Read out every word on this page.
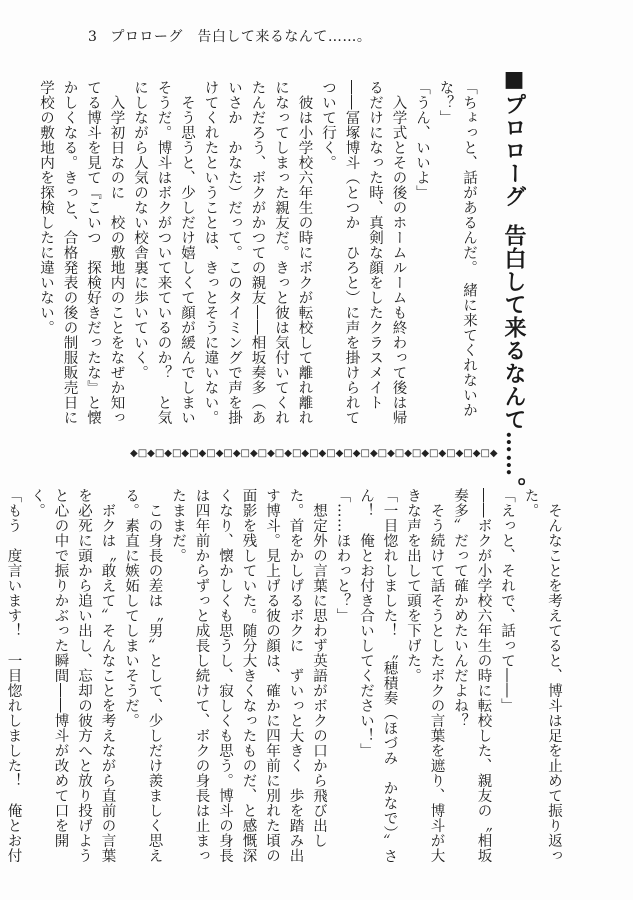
3 プロローグ　告白して来るなんて……。
■プロローグ告白して来るなんて……。

「ちょっと、話があるんだ。　緒に来てくれないかな？」

「うん、いいよ」

入学式とその後のホームルームも終わって後は帰るだけになった時、真剣な顔をしたクラスメイト――冨塚博斗（とつか　ひろと）に声を掛けられてついて行く。

彼は小学校六年生の時にボクが転校して離れ離れになってしまった親友だ。きっと彼は気付いてくれたんだろう、ボクがかつての親友――相坂奏多（あいさか　かなた）だって。このタイミングで声を掛けてくれたということは、きっとそうに違いない。

そう思うと、少しだけ嬉しくて顔が緩んでしまいそうだ。博斗はボクがついて来ているのか？　と気にしながら人気のない校舎裏に歩いていく。

入学初日なのに　校の敷地内のことをなぜか知ってる博斗を見て『こいつ　探検好きだったな』と懐かしくなる。きっと、合格発表の後の制服販売日に学校の敷地内を探検したに違いない。

◆□◆□◆□◆□◆□◆□◆□◆□◆□◆□◆□◆□◆□◆□◆□◆□◆□◆□◆□◆□◆□◆

そんなことを考えてると、博斗は足を止めて振り返った。

「えっと、それで、話って――」

――ボクが小学校六年生の時に転校した、親友の〝相坂奏多〟だって確かめたいんだよね？

そう続けて話そうとしたボクの言葉を遮り、博斗が大きな声を出して頭を下げた。

「一目惚れしました！　〝穂積奏（ほづみ　かなで）〟さん！　俺とお付き合いしてください！」

「……ほわっと？」

想定外の言葉に思わず英語がボクの口から飛び出した。首をかしげるボクに　ずいっと大きく　歩を踏み出す博斗。見上げる彼の顔は、確かに四年前に別れた頃の面影を残していた。随分大きくなったものだ、と感慨深くなり、懐かしくも思うし、寂しくも思う。博斗の身長は四年前からずっと成長し続けて、ボクの身長は止まったままだ。

この身長の差は〝男〟として、少しだけ羨ましく思える。素直に嫉妬してしまいそうだ。

ボクは〝敢えて〟そんなことを考えながら直前の言葉を必死に頭から追い出し、忘却の彼方へと放り投げようと心の中で振りかぶった瞬間――博斗が改めて口を開く。

「もう　度言います！　一目惚れしました！　俺とお付
